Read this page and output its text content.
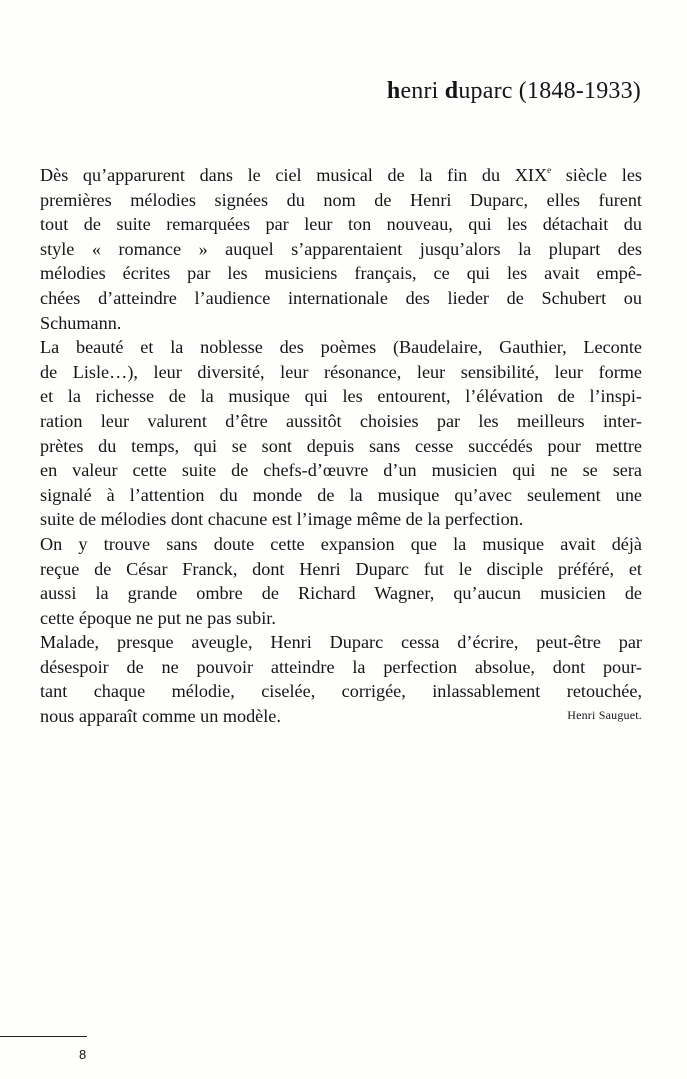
henri duparc (1848-1933)
Dès qu’apparurent dans le ciel musical de la fin du XIXe siècle les
premières mélodies signées du nom de Henri Duparc, elles furent
tout de suite remarquées par leur ton nouveau, qui les détachait du
style « romance » auquel s’apparentaient jusqu’alors la plupart des
mélodies écrites par les musiciens français, ce qui les avait empê-
chées d’atteindre l’audience internationale des lieder de Schubert ou
Schumann.
La beauté et la noblesse des poèmes (Baudelaire, Gauthier, Leconte
de Lisle…), leur diversité, leur résonance, leur sensibilité, leur forme
et la richesse de la musique qui les entourent, l’élévation de l’inspi-
ration leur valurent d’être aussitôt choisies par les meilleurs inter-
prètes du temps, qui se sont depuis sans cesse succédés pour mettre
en valeur cette suite de chefs-d’œuvre d’un musicien qui ne se sera
signalé à l’attention du monde de la musique qu’avec seulement une
suite de mélodies dont chacune est l’image même de la perfection.
On y trouve sans doute cette expansion que la musique avait déjà
reçue de César Franck, dont Henri Duparc fut le disciple préféré, et
aussi la grande ombre de Richard Wagner, qu’aucun musicien de
cette époque ne put ne pas subir.
Malade, presque aveugle, Henri Duparc cessa d’écrire, peut-être par
désespoir de ne pouvoir atteindre la perfection absolue, dont pour-
tant chaque mélodie, ciselée, corrigée, inlassablement retouchée,
nous apparaît comme un modèle.	Henri Sauguet.
8
